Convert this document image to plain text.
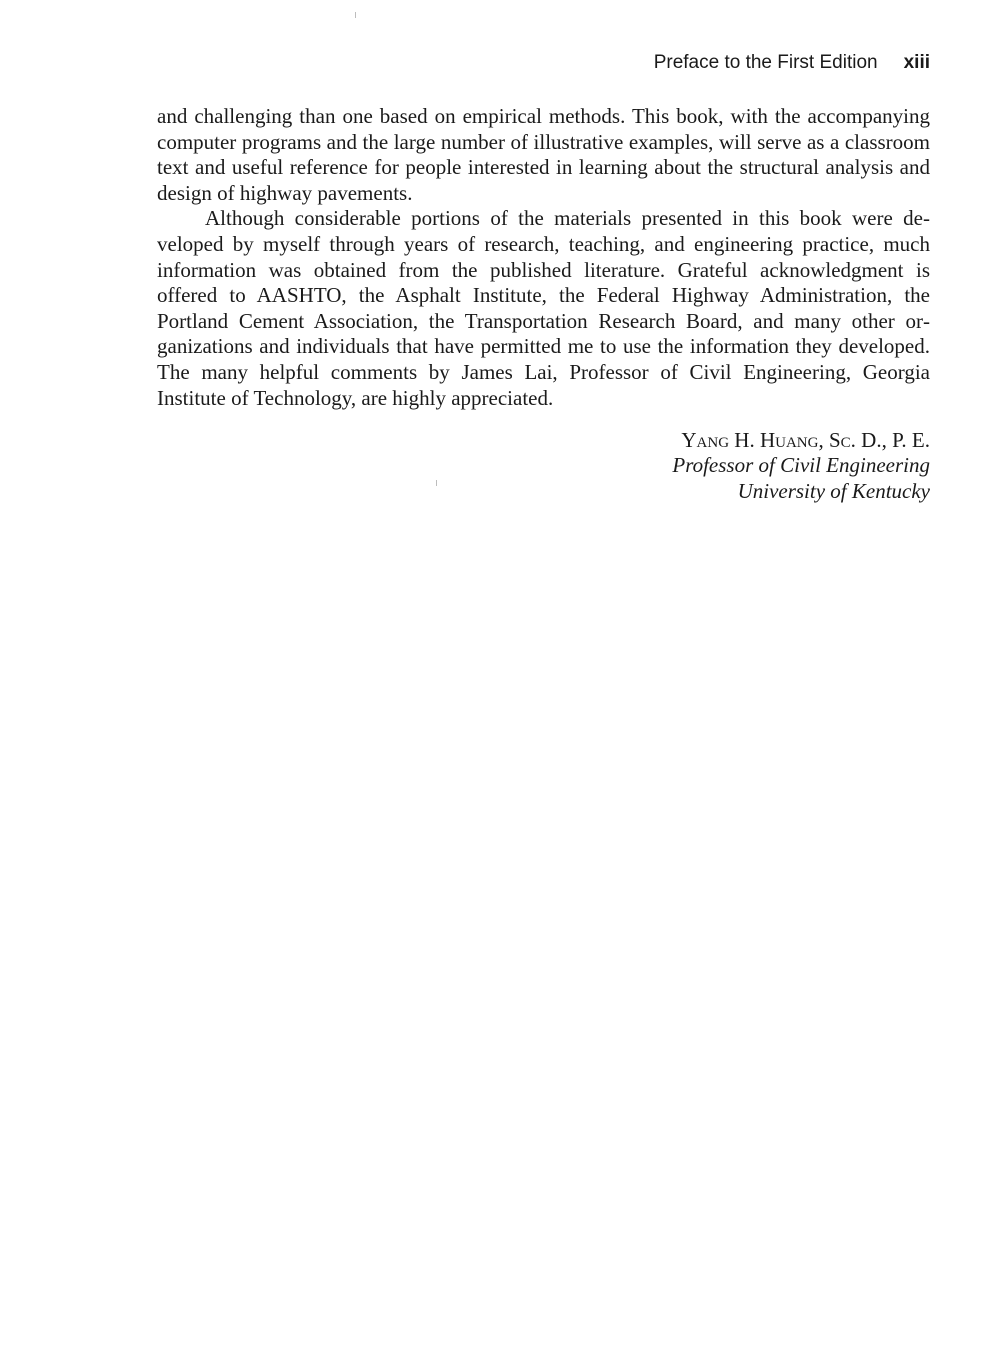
Preface to the First Edition xiii

and challenging than one based on empirical methods. This book, with the accompanying computer programs and the large number of illustrative examples, will serve as a classroom text and useful reference for people interested in learning about the structural analysis and design of highway pavements.

Although considerable portions of the materials presented in this book were developed by myself through years of research, teaching, and engineering practice, much information was obtained from the published literature. Grateful acknowledgment is offered to AASHTO, the Asphalt Institute, the Federal Highway Administration, the Portland Cement Association, the Transportation Research Board, and many other organizations and individuals that have permitted me to use the information they developed. The many helpful comments by James Lai, Professor of Civil Engineering, Georgia Institute of Technology, are highly appreciated.

Yang H. Huang, Sc. D., P. E.
Professor of Civil Engineering
University of Kentucky
